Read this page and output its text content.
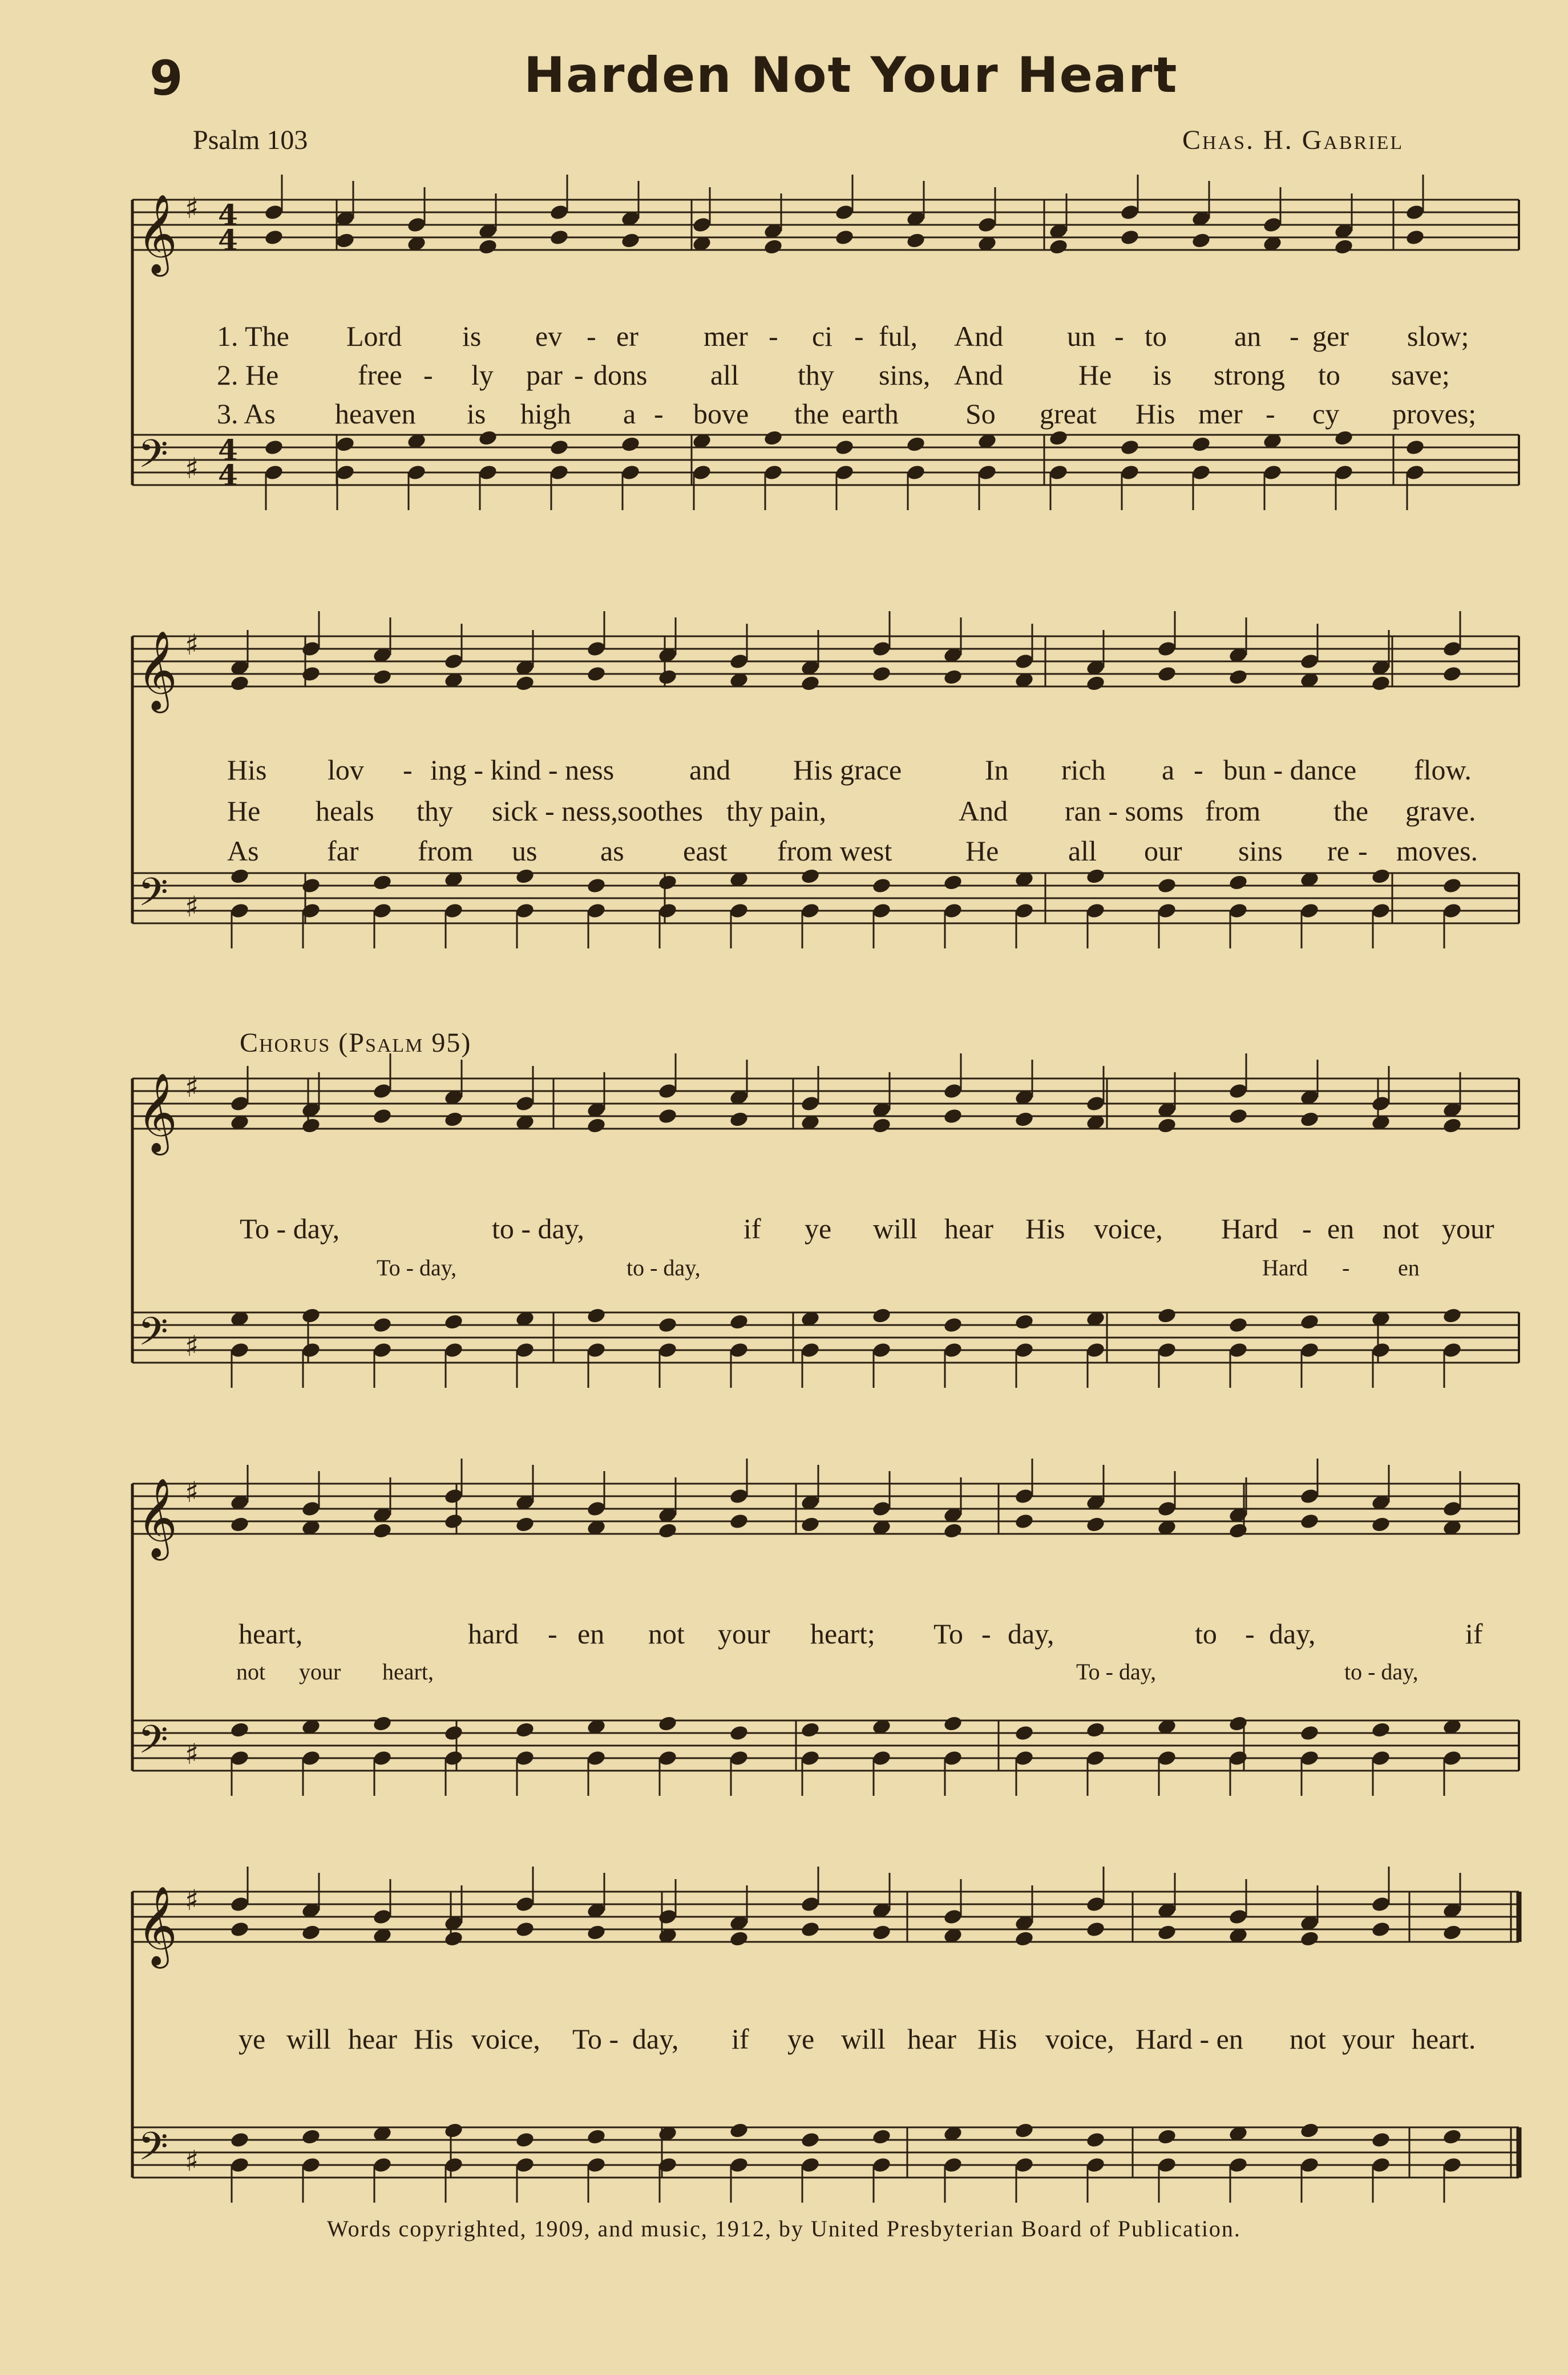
9	Harden Not Your Heart
Psalm 103	Chas. H. Gabriel
𝄞
𝄢
♯
♯
4
4
4
4
𝄞
𝄢
♯
♯
𝄞
𝄢
♯
♯
𝄞
𝄢
♯
♯
𝄞
𝄢
♯
♯
1. The Lord is ev - er mer - ci - ful, And un - to an - ger slow;
2. He	free - ly par - dons all thy sins, And	He is strong to save;
3. As heaven is high a - bove the earth So great His mer - cy proves;
His lov - ing - kind - ness	and His grace	In rich a - bun - dance flow.
He heals thy sick - ness, soothes thy pain,	And ran - soms from	the grave.
As far from us as east from west	He all our sins re - moves.
Chorus (Psalm 95)
To - day,	to - day,	if ye will hear His voice, Hard - en not your
To - day,	to - day,	Hard - en
heart,	hard - en not your heart; To - day,	to - day,	if
not your heart,	To - day,	to - day,
ye will hear His voice, To - day, if ye will hear His voice, Hard - en not your heart.
Words copyrighted, 1909, and music, 1912, by United Presbyterian Board of Publication.
